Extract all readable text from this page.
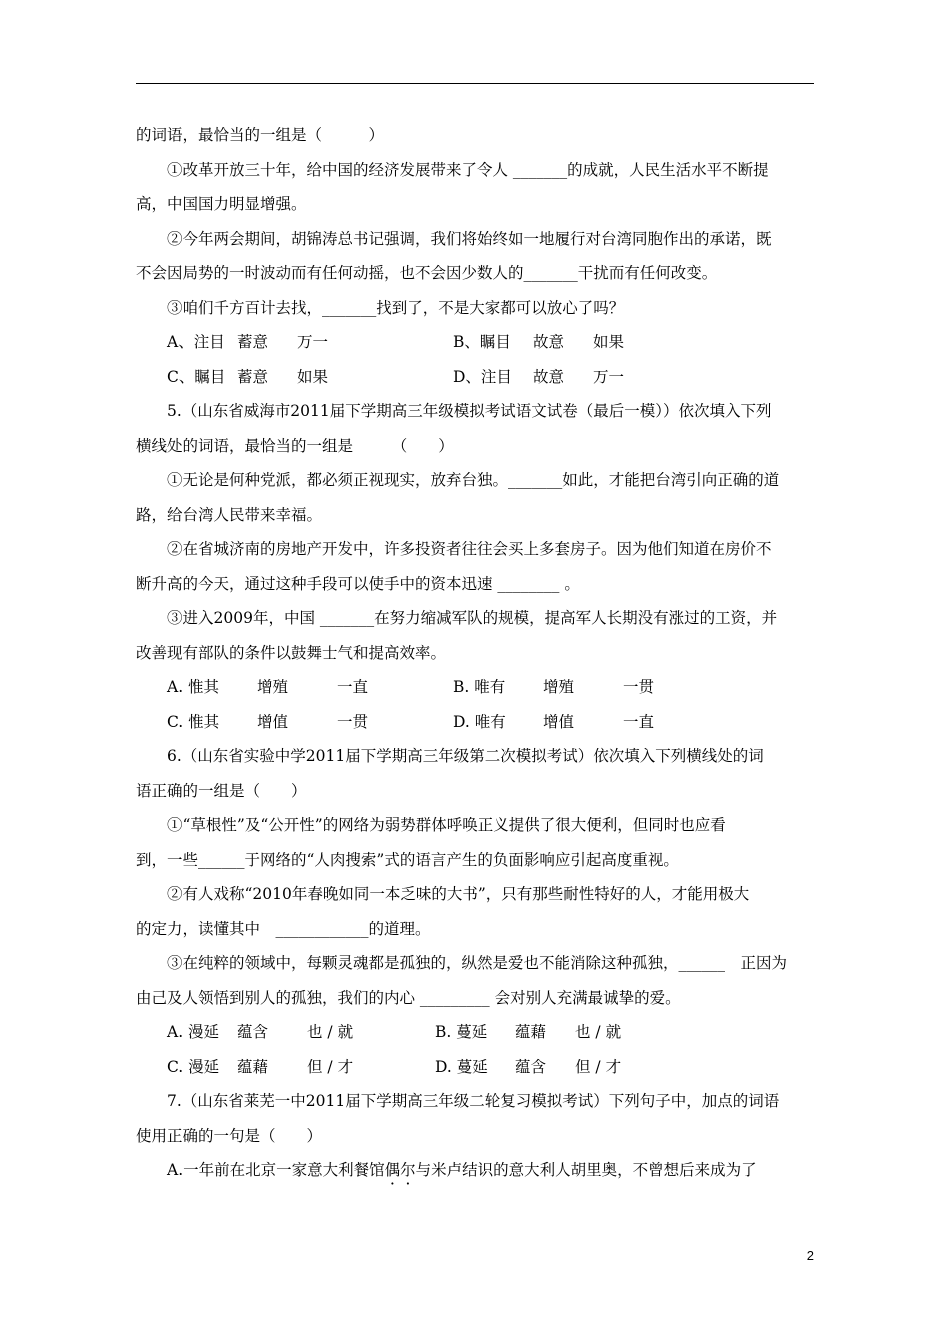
的词语，最恰当的一组是（　　　）
①改革开放三十年，给中国的经济发展带来了令人 _______的成就，人民生活水平不断提
高，中国国力明显增强。
②今年两会期间，胡锦涛总书记强调，我们将始终如一地履行对台湾同胞作出的承诺，既
不会因局势的一时波动而有任何动摇，也不会因少数人的_______干扰而有任何改变。
③咱们千方百计去找，_______找到了，不是大家都可以放心了吗？
A、注目 蓄意	万一	B、瞩目	故意	如果
C、瞩目 蓄意	如果	D、注目	故意	万一
5.（山东省威海市2011届下学期高三年级模拟考试语文试卷（最后一模））依次填入下列
横线处的词语，最恰当的一组是　　　（　　）
①无论是何种党派，都必须正视现实，放弃台独。_______如此，才能把台湾引向正确的道
路，给台湾人民带来幸福。
②在省城济南的房地产开发中，许多投资者往往会买上多套房子。因为他们知道在房价不
断升高的今天，通过这种手段可以使手中的资本迅速 ________ 。
③进入2009年，中国 _______在努力缩减军队的规模，提高军人长期没有涨过的工资，并
改善现有部队的条件以鼓舞士气和提高效率。
A. 惟其	增殖	一直	B. 唯有	增殖	一贯
C. 惟其	增值	一贯	D. 唯有	增值	一直
6.（山东省实验中学2011届下学期高三年级第二次模拟考试）依次填入下列横线处的词
语正确的一组是（　　）
①“草根性”及“公开性”的网络为弱势群体呼唤正义提供了很大便利，但同时也应看
到，一些______于网络的“人肉搜索”式的语言产生的负面影响应引起高度重视。
②有人戏称“2010年春晚如同一本乏味的大书”，只有那些耐性特好的人，才能用极大
的定力，读懂其中　____________的道理。
③在纯粹的领域中，每颗灵魂都是孤独的，纵然是爱也不能消除这种孤独，______　正因为
由己及人领悟到别人的孤独，我们的内心 _________ 会对别人充满最诚挚的爱。
A. 漫延	蕴含	也 / 就	B. 蔓延	蕴藉	也 / 就
C. 漫延	蕴藉	但 / 才	D. 蔓延	蕴含	但 / 才
7.（山东省莱芜一中2011届下学期高三年级二轮复习模拟考试）下列句子中，加点的词语
使用正确的一句是（　　）
A.一年前在北京一家意大利餐馆偶尔与米卢结识的意大利人胡里奥，不曾想后来成为了
2
